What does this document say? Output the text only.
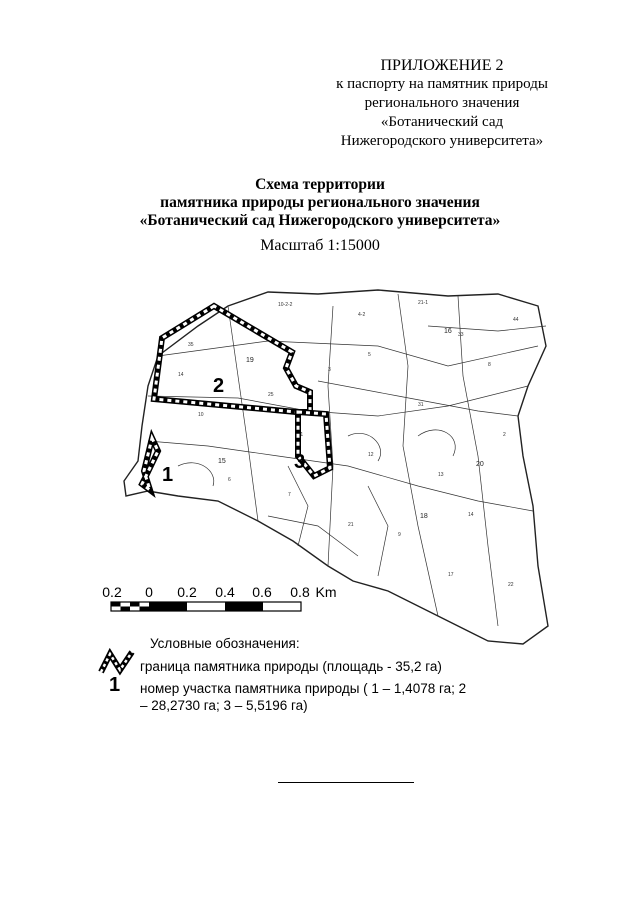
ПРИЛОЖЕНИЕ 2
к паспорту на памятник природы
регионального значения
«Ботанический сад
Нижегородского университета»
Схема территории
памятника природы регионального значения
«Ботанический сад Нижегородского университета»
Масштаб 1:15000
10-2-2
4-2
21-1
3
5
8
14
10
11
12
13
14
6
7
9
22
17
21
2
31
25
35
33
44
16
19
15
18
20
1
2
3
0.2 0 0.2 0.4 0.6 0.8 Km
Условные обозначения:
граница памятника природы (площадь - 35,2 га)
1 номер участка памятника природы ( 1 – 1,4078 га; 2 – 28,2730 га; 3 – 5,5196 га)
